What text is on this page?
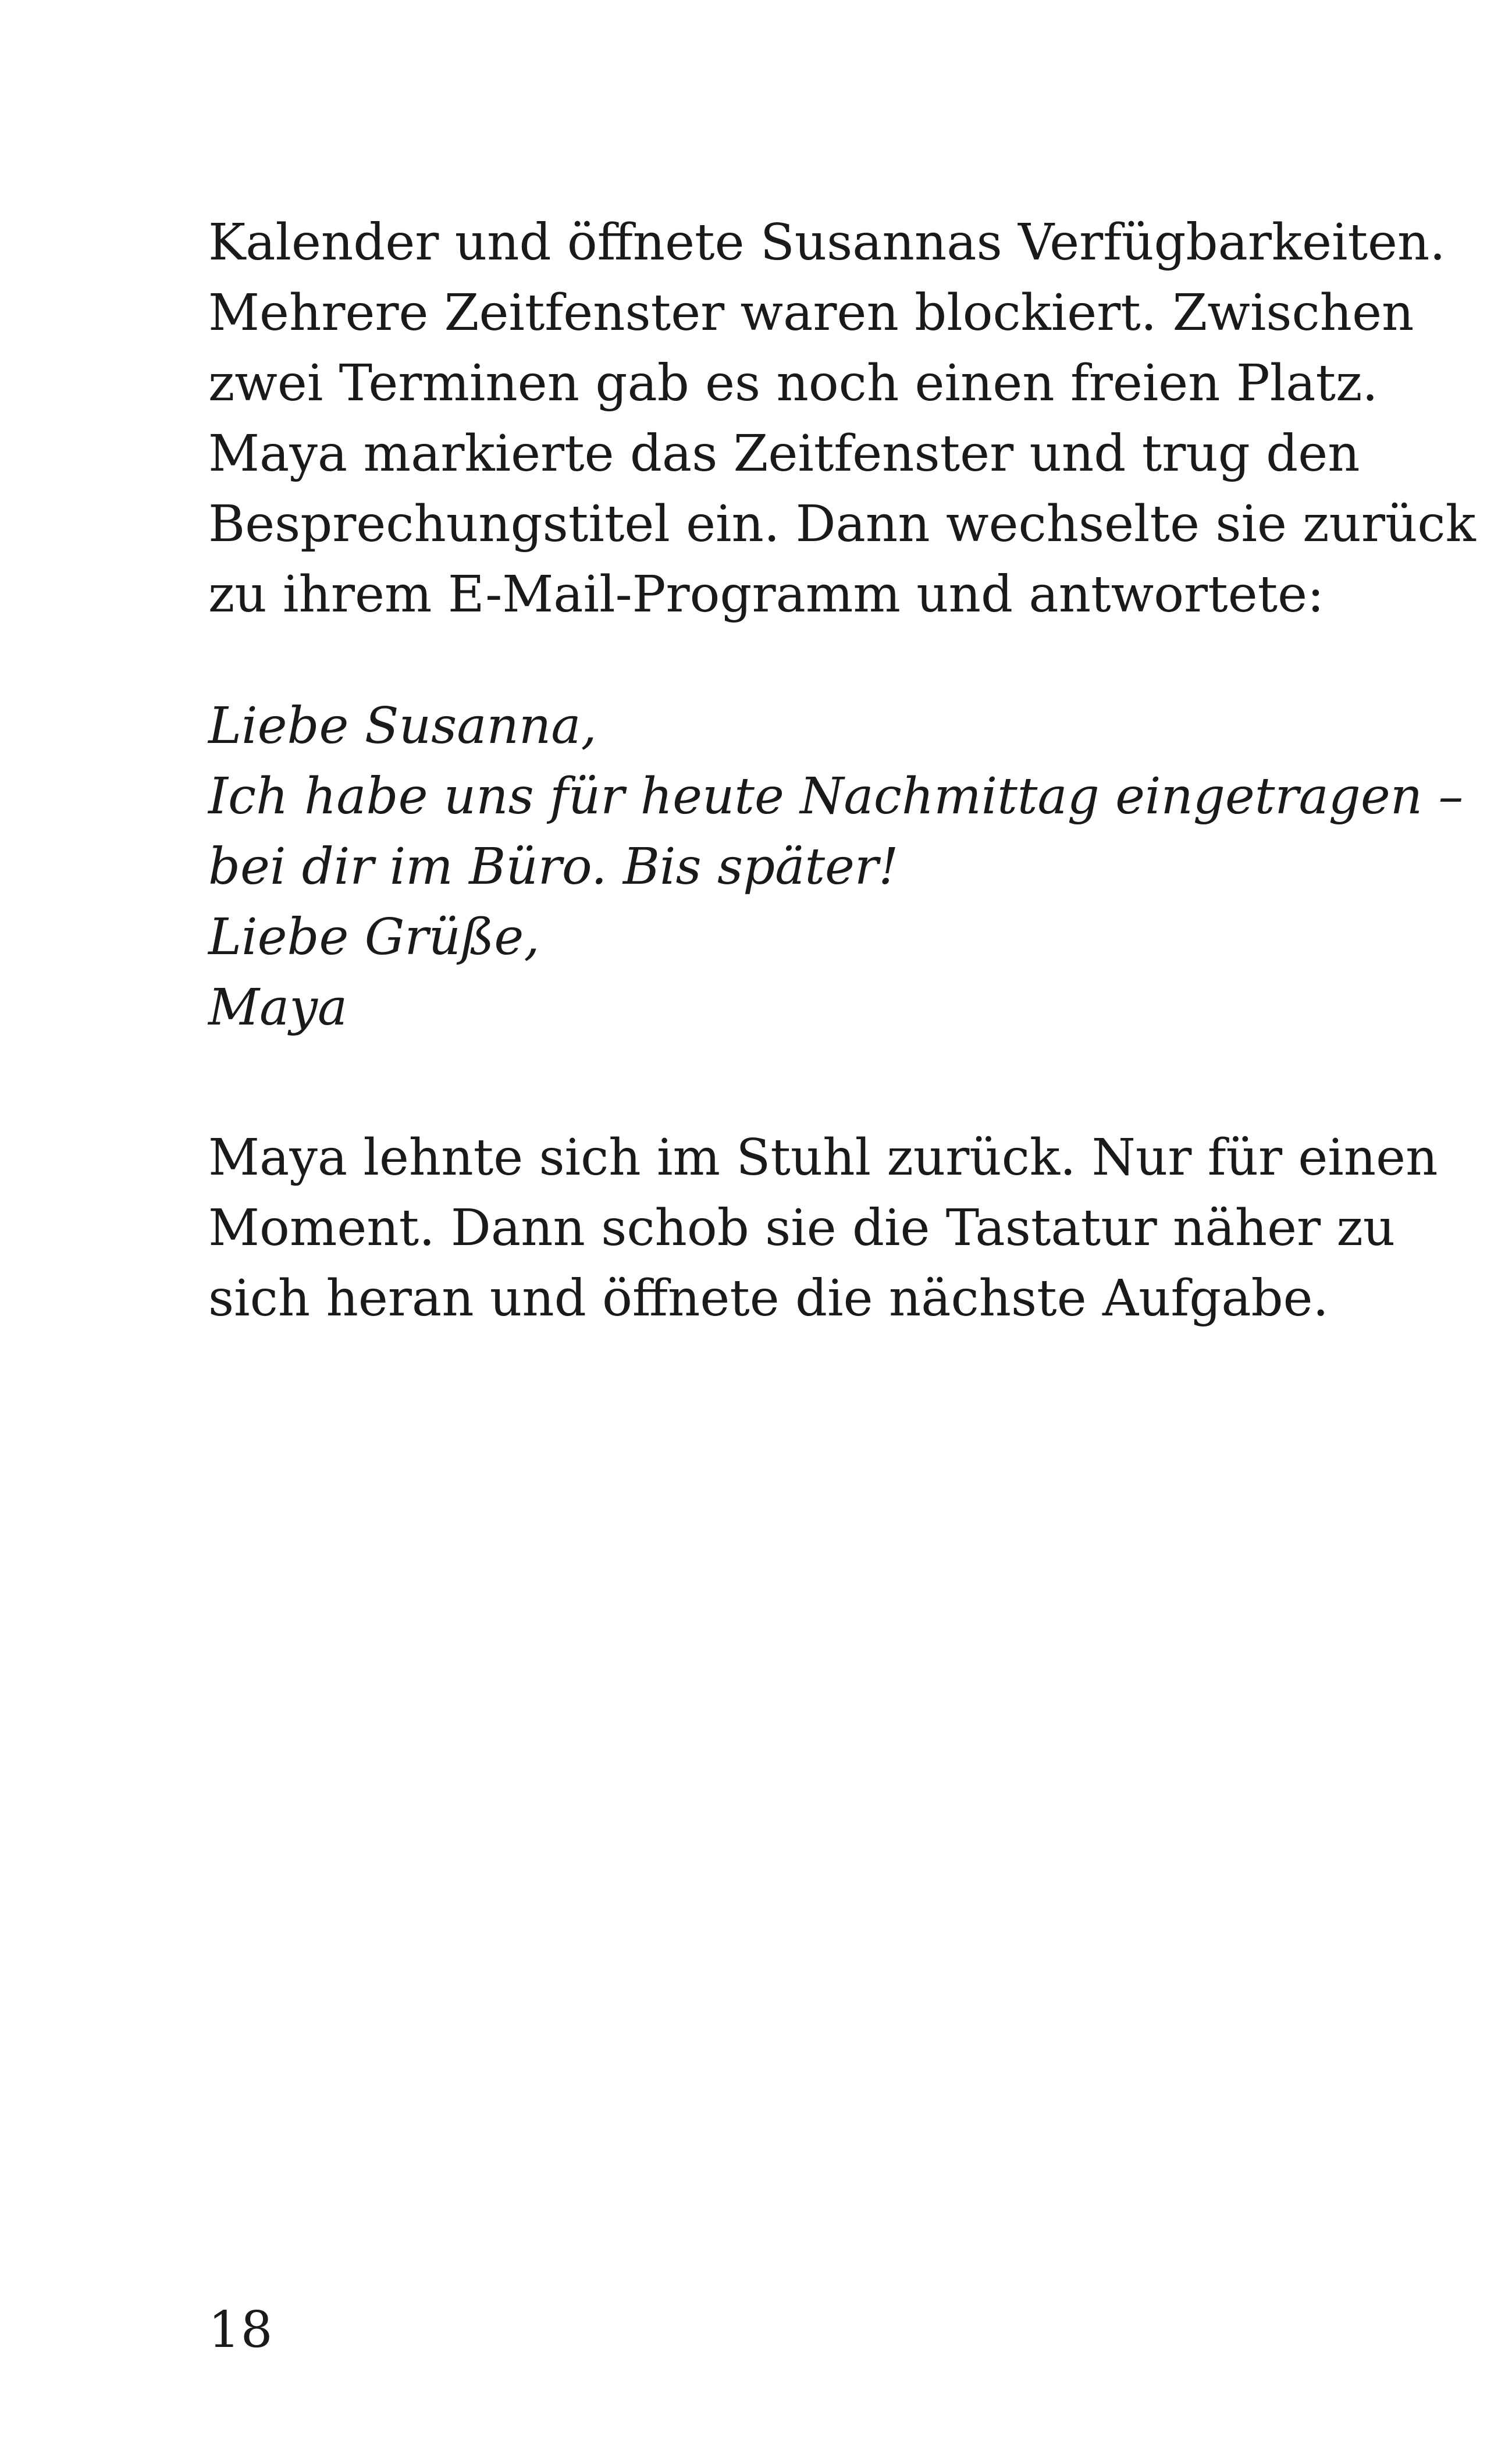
Kalender und öffnete Susannas Verfügbarkeiten.
Mehrere Zeitfenster waren blockiert. Zwischen
zwei Terminen gab es noch einen freien Platz.
Maya markierte das Zeitfenster und trug den
Besprechungstitel ein. Dann wechselte sie zurück
zu ihrem E-Mail-Programm und antwortete:
Liebe Susanna,
Ich habe uns für heute Nachmittag eingetragen –
bei dir im Büro. Bis später!
Liebe Grüße,
Maya
Maya lehnte sich im Stuhl zurück. Nur für einen
Moment. Dann schob sie die Tastatur näher zu
sich heran und öffnete die nächste Aufgabe.
18
